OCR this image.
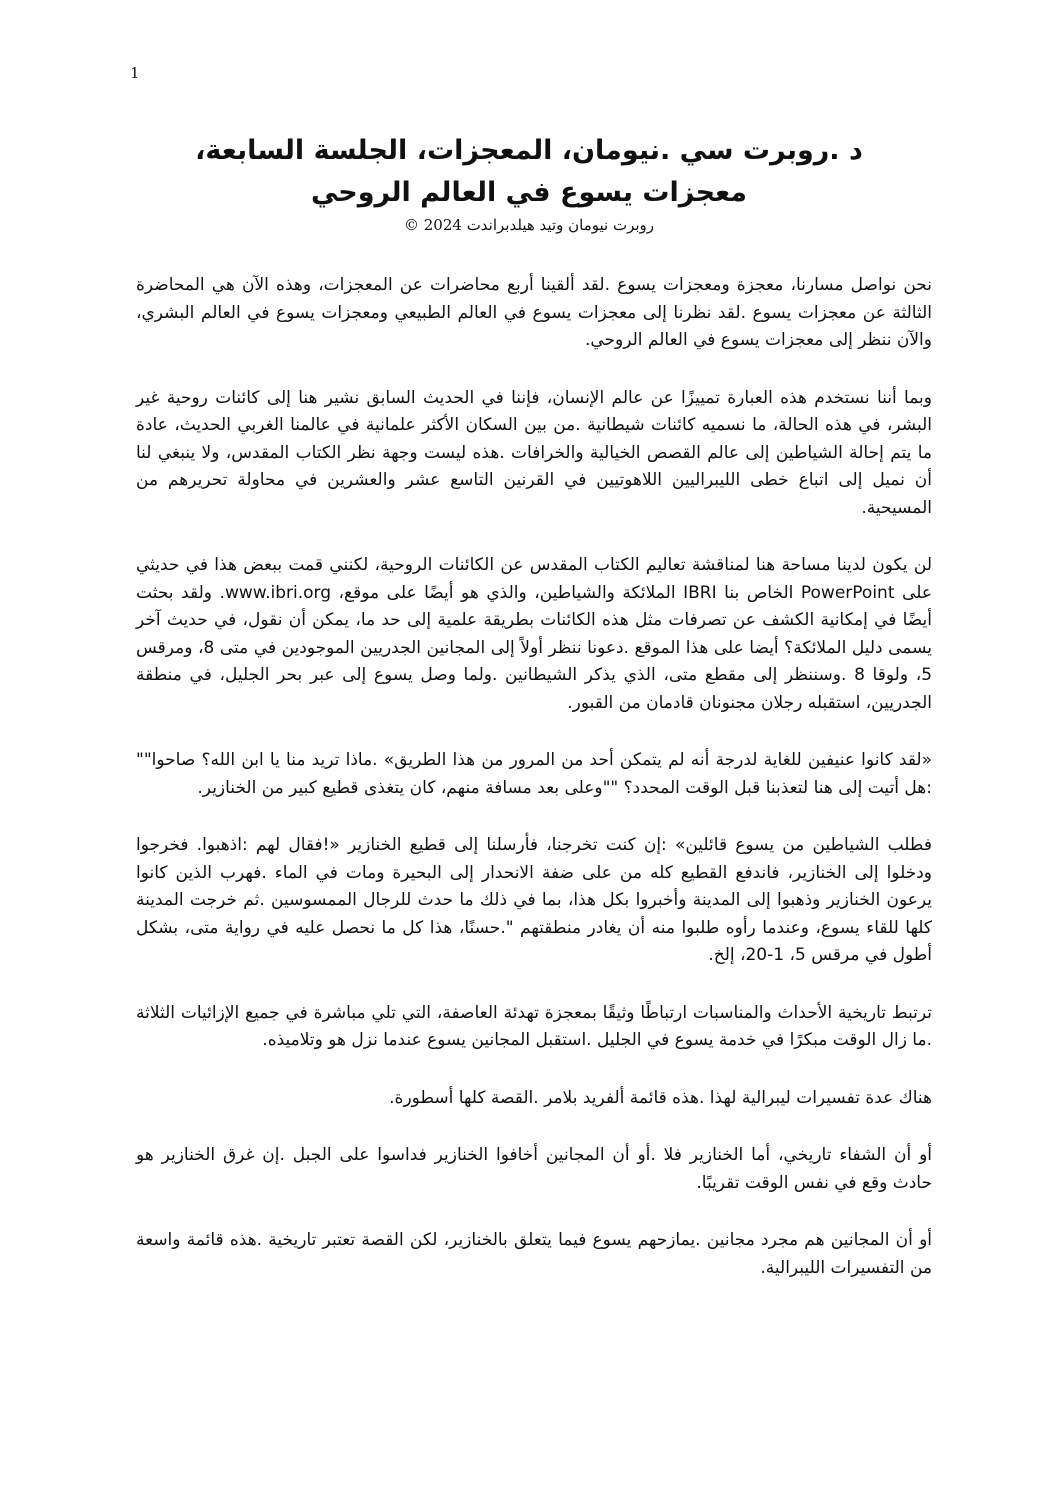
1

د .روبرت سي .نيومان، المعجزات، الجلسة السابعة،

معجزات يسوع في العالم الروحي

© 2024 روبرت نيومان وتيد هيلدبراندت

نحن نواصل مسارنا، معجزة ومعجزات يسوع .لقد ألقينا أربع محاضرات عن المعجزات، وهذه الآن هي المحاضرة الثالثة عن معجزات يسوع .لقد نظرنا إلى معجزات يسوع في العالم الطبيعي ومعجزات يسوع في العالم البشري، والآن ننظر إلى معجزات يسوع في العالم الروحي.

وبما أننا نستخدم هذه العبارة تمييزًا عن عالم الإنسان، فإننا في الحديث السابق نشير هنا إلى كائنات روحية غير البشر، في هذه الحالة، ما نسميه كائنات شيطانية .من بين السكان الأكثر علمانية في عالمنا الغربي الحديث، عادة ما يتم إحالة الشياطين إلى عالم القصص الخيالية والخرافات .هذه ليست وجهة نظر الكتاب المقدس، ولا ينبغي لنا أن نميل إلى اتباع خطى الليبراليين اللاهوتيين في القرنين التاسع عشر والعشرين في محاولة تحريرهم من المسيحية.

لن يكون لدينا مساحة هنا لمناقشة تعاليم الكتاب المقدس عن الكائنات الروحية، لكنني قمت ببعض هذا في حديثي على PowerPoint الخاص بنا IBRI الملائكة والشياطين، والذي هو أيضًا على موقع، www.ibri.org. ولقد بحثت أيضًا في إمكانية الكشف عن تصرفات مثل هذه الكائنات بطريقة علمية إلى حد ما، يمكن أن نقول، في حديث آخر يسمى دليل الملائكة؟ أيضا على هذا الموقع .دعونا ننظر أولاً إلى المجانين الجدريين الموجودين في متى 8، ومرقس 5، ولوقا 8 .وسننظر إلى مقطع متى، الذي يذكر الشيطانين .ولما وصل يسوع إلى عبر بحر الجليل، في منطقة الجدريين، استقبله رجلان مجنونان قادمان من القبور.

«لقد كانوا عنيفين للغاية لدرجة أنه لم يتمكن أحد من المرور من هذا الطريق» .ماذا تريد منا يا ابن الله؟ صاحوا"" :هل أتيت إلى هنا لتعذبنا قبل الوقت المحدد؟ ""وعلى بعد مسافة منهم، كان يتغذى قطيع كبير من الخنازير.

فطلب الشياطين من يسوع قائلين» :إن كنت تخرجنا، فأرسلنا إلى قطيع الخنازير «!فقال لهم :اذهبوا. فخرجوا ودخلوا إلى الخنازير، فاندفع القطيع كله من على ضفة الانحدار إلى البحيرة ومات في الماء .فهرب الذين كانوا يرعون الخنازير وذهبوا إلى المدينة وأخبروا بكل هذا، بما في ذلك ما حدث للرجال الممسوسين .ثم خرجت المدينة كلها للقاء يسوع، وعندما رأوه طلبوا منه أن يغادر منطقتهم ".حسنًا، هذا كل ما نحصل عليه في رواية متى، بشكل أطول في مرقس 5، 1-20، إلخ.

ترتبط تاريخية الأحداث والمناسبات ارتباطًا وثيقًا بمعجزة تهدئة العاصفة، التي تلي مباشرة في جميع الإزائيات الثلاثة .ما زال الوقت مبكرًا في خدمة يسوع في الجليل .استقبل المجانين يسوع عندما نزل هو وتلاميذه.

هناك عدة تفسيرات ليبرالية لهذا .هذه قائمة ألفريد بلامر .القصة كلها أسطورة.

أو أن الشفاء تاريخي، أما الخنازير فلا .أو أن المجانين أخافوا الخنازير فداسوا على الجبل .إن غرق الخنازير هو حادث وقع في نفس الوقت تقريبًا.

أو أن المجانين هم مجرد مجانين .يمازحهم يسوع فيما يتعلق بالخنازير، لكن القصة تعتبر تاريخية .هذه قائمة واسعة من التفسيرات الليبرالية.
